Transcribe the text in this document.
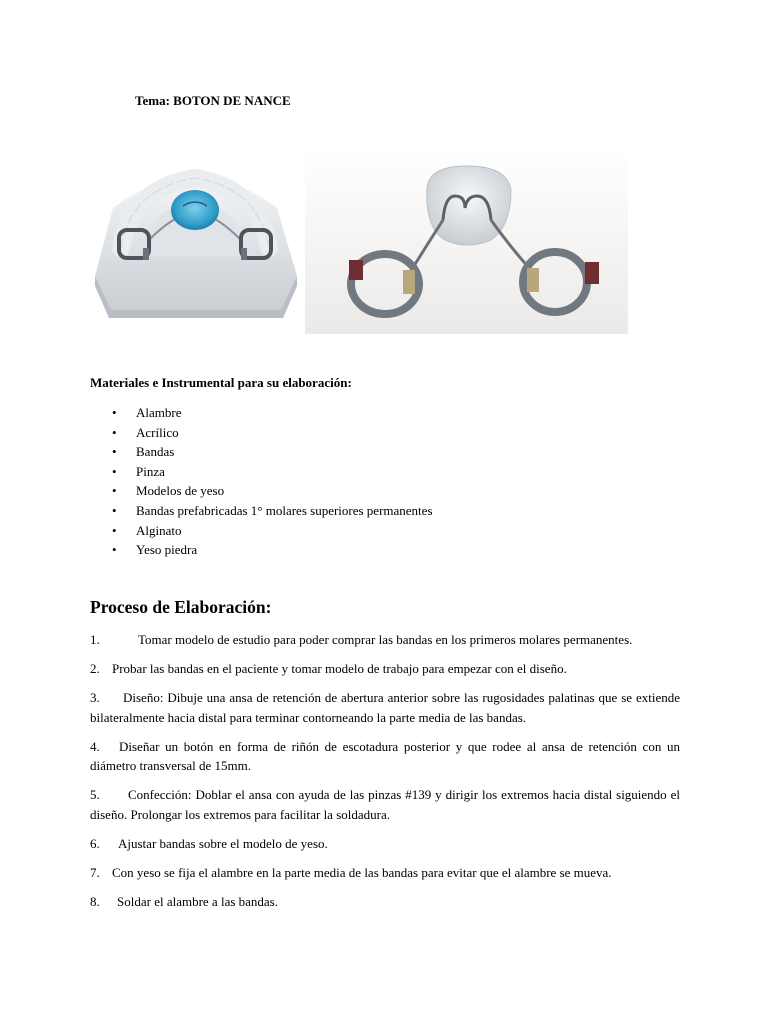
Tema: BOTON DE NANCE
Materiales e Instrumental para su elaboración:
• Alambre
• Acrílico
• Bandas
• Pinza
• Modelos de yeso
• Bandas prefabricadas 1° molares superiores permanentes
• Alginato
• Yeso piedra
Proceso de Elaboración:

1.	Tomar modelo de estudio para poder comprar las bandas en los primeros molares permanentes.

2. Probar las bandas en el paciente y tomar modelo de trabajo para empezar con el diseño.

3. Diseño: Dibuje una ansa de retención de abertura anterior sobre las rugosidades palatinas que se extiende bilateralmente hacia distal para terminar contorneando la parte media de las bandas.

4. Diseñar un botón en forma de riñón de escotadura posterior y que rodee al ansa de retención con un diámetro transversal de 15mm.

5. Confección: Doblar el ansa con ayuda de las pinzas #139 y dirigir los extremos hacia distal siguiendo el diseño. Prolongar los extremos para facilitar la soldadura.

6. Ajustar bandas sobre el modelo de yeso.

7. Con yeso se fija el alambre en la parte media de las bandas para evitar que el alambre se mueva.

8. Soldar el alambre a las bandas.
